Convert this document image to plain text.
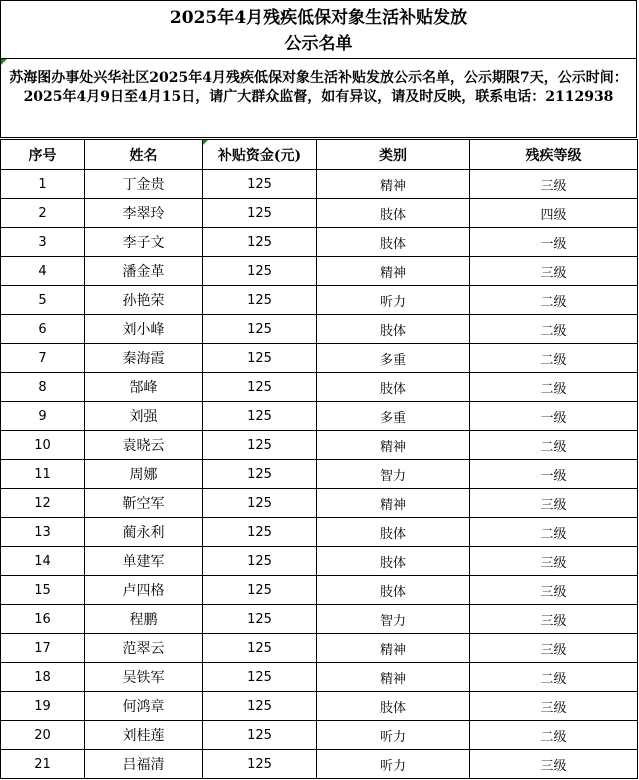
2025年4月残疾低保对象生活补贴发放
公示名单
苏海图办事处兴华社区2025年4月残疾低保对象生活补贴发放公示名单，公示期限7天，公示时间：2025年4月9日至4月15日，请广大群众监督，如有异议，请及时反映，联系电话：2112938
序号	姓名	补贴资金(元)	类别	残疾等级
1	丁金贵	125	精神	三级
2	李翠玲	125	肢体	四级
3	李子文	125	肢体	一级
4	潘金革	125	精神	三级
5	孙艳荣	125	听力	二级
6	刘小峰	125	肢体	二级
7	秦海霞	125	多重	二级
8	郜峰	125	肢体	二级
9	刘强	125	多重	一级
10	袁晓云	125	精神	二级
11	周娜	125	智力	一级
12	靳空军	125	精神	三级
13	蔺永利	125	肢体	二级
14	单建军	125	肢体	三级
15	卢四格	125	肢体	三级
16	程鹏	125	智力	三级
17	范翠云	125	精神	三级
18	吴铁军	125	精神	二级
19	何鸿章	125	肢体	三级
20	刘桂莲	125	听力	二级
21	吕福清	125	听力	三级
